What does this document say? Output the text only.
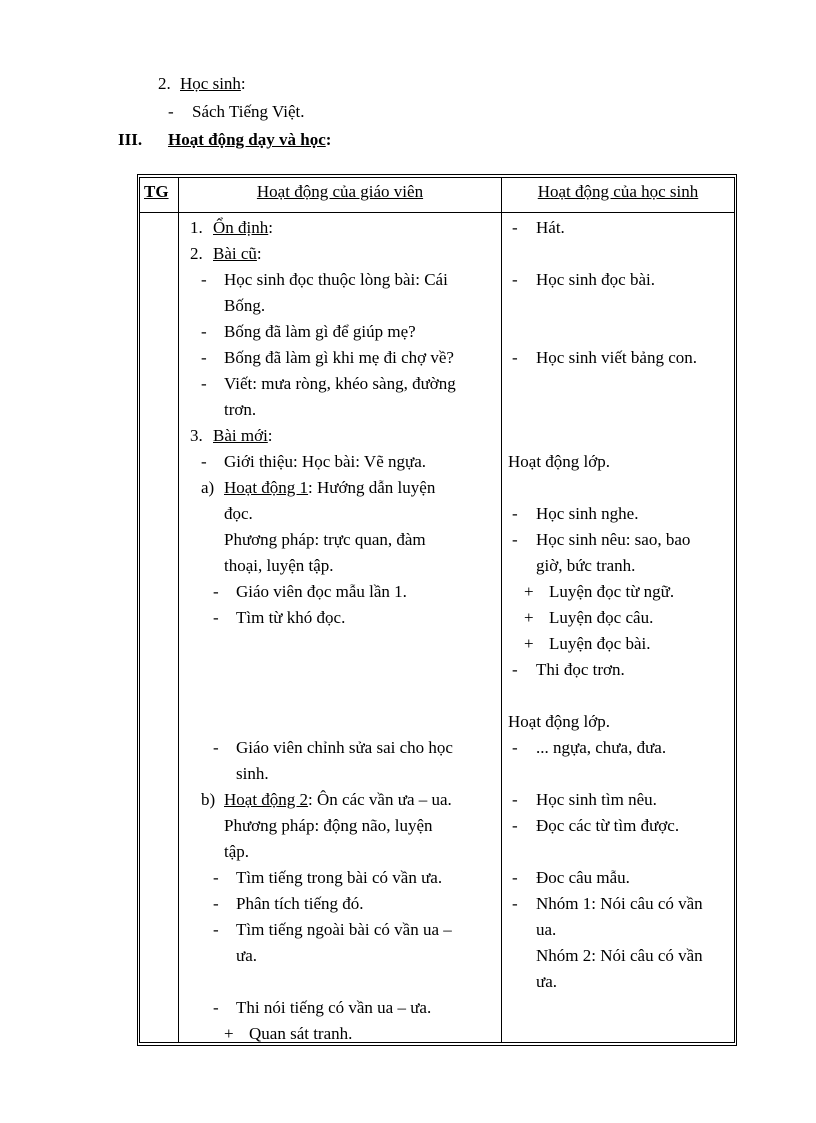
2. Học sinh:
- Sách Tiếng Việt.
III. Hoạt động dạy và học:
TG	Hoạt động của giáo viên	Hoạt động của học sinh
1. Ổn định:
2. Bài cũ:
- Học sinh đọc thuộc lòng bài: Cái
Bống.
- Bống đã làm gì để giúp mẹ?
- Bống đã làm gì khi mẹ đi chợ về?
- Viết: mưa ròng, khéo sàng, đường
trơn.
3. Bài mới:
- Giới thiệu: Học bài: Vẽ ngựa.
a) Hoạt động 1: Hướng dẫn luyện
đọc.
Phương pháp: trực quan, đàm
thoại, luyện tập.
- Giáo viên đọc mẫu lần 1.
- Tìm từ khó đọc.
- Giáo viên chỉnh sửa sai cho học
sinh.
b) Hoạt động 2: Ôn các vần ưa – ua.
Phương pháp: động não, luyện
tập.
- Tìm tiếng trong bài có vần ưa.
- Phân tích tiếng đó.
- Tìm tiếng ngoài bài có vần ua –
ưa.
- Thi nói tiếng có vần ua – ưa.
+ Quan sát tranh.
- Hát.
- Học sinh đọc bài.
- Học sinh viết bảng con.
Hoạt động lớp.
- Học sinh nghe.
- Học sinh nêu: sao, bao
giờ, bức tranh.
+ Luyện đọc từ ngữ.
+ Luyện đọc câu.
+ Luyện đọc bài.
- Thi đọc trơn.
Hoạt động lớp.
- ... ngựa, chưa, đưa.
- Học sinh tìm nêu.
- Đọc các từ tìm được.
- Đoc câu mẫu.
- Nhóm 1: Nói câu có vần
ua.
Nhóm 2: Nói câu có vần
ưa.
